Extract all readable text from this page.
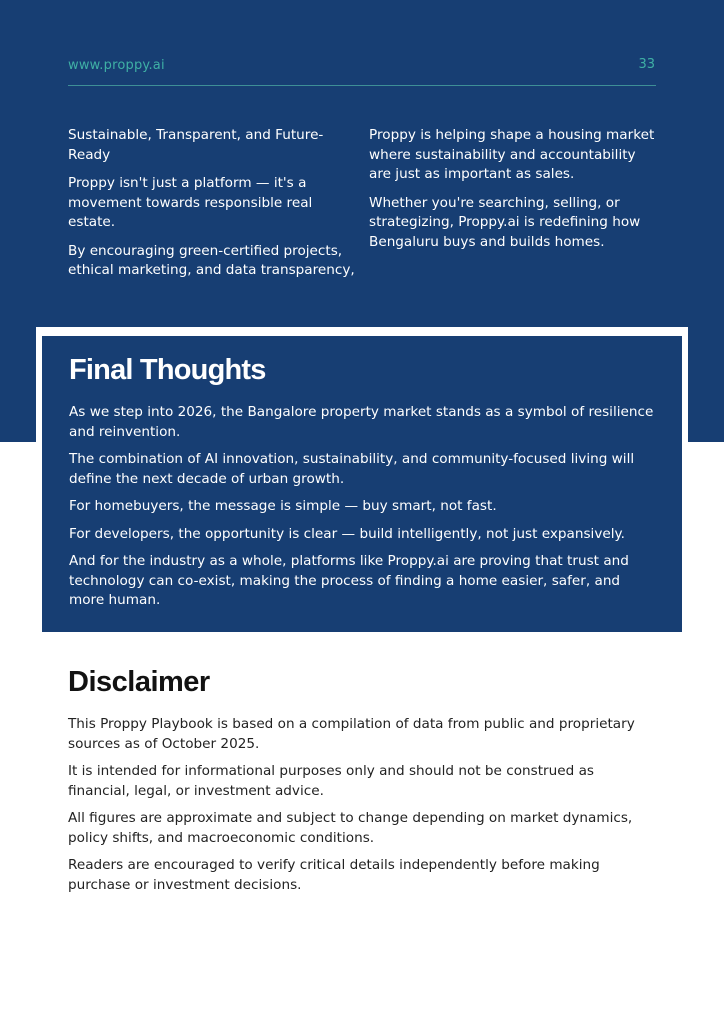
www.proppy.ai	33

Sustainable, Transparent, and Future-Ready

Proppy isn't just a platform — it's a movement towards responsible real estate.

By encouraging green-certified projects, ethical marketing, and data transparency,

Proppy is helping shape a housing market where sustainability and accountability are just as important as sales.

Whether you're searching, selling, or strategizing, Proppy.ai is redefining how Bengaluru buys and builds homes.

Final Thoughts

As we step into 2026, the Bangalore property market stands as a symbol of resilience and reinvention.

The combination of AI innovation, sustainability, and community-focused living will define the next decade of urban growth.

For homebuyers, the message is simple — buy smart, not fast.

For developers, the opportunity is clear — build intelligently, not just expansively.

And for the industry as a whole, platforms like Proppy.ai are proving that trust and technology can co-exist, making the process of finding a home easier, safer, and more human.

Disclaimer

This Proppy Playbook is based on a compilation of data from public and proprietary sources as of October 2025.

It is intended for informational purposes only and should not be construed as financial, legal, or investment advice.

All figures are approximate and subject to change depending on market dynamics, policy shifts, and macroeconomic conditions.

Readers are encouraged to verify critical details independently before making purchase or investment decisions.
